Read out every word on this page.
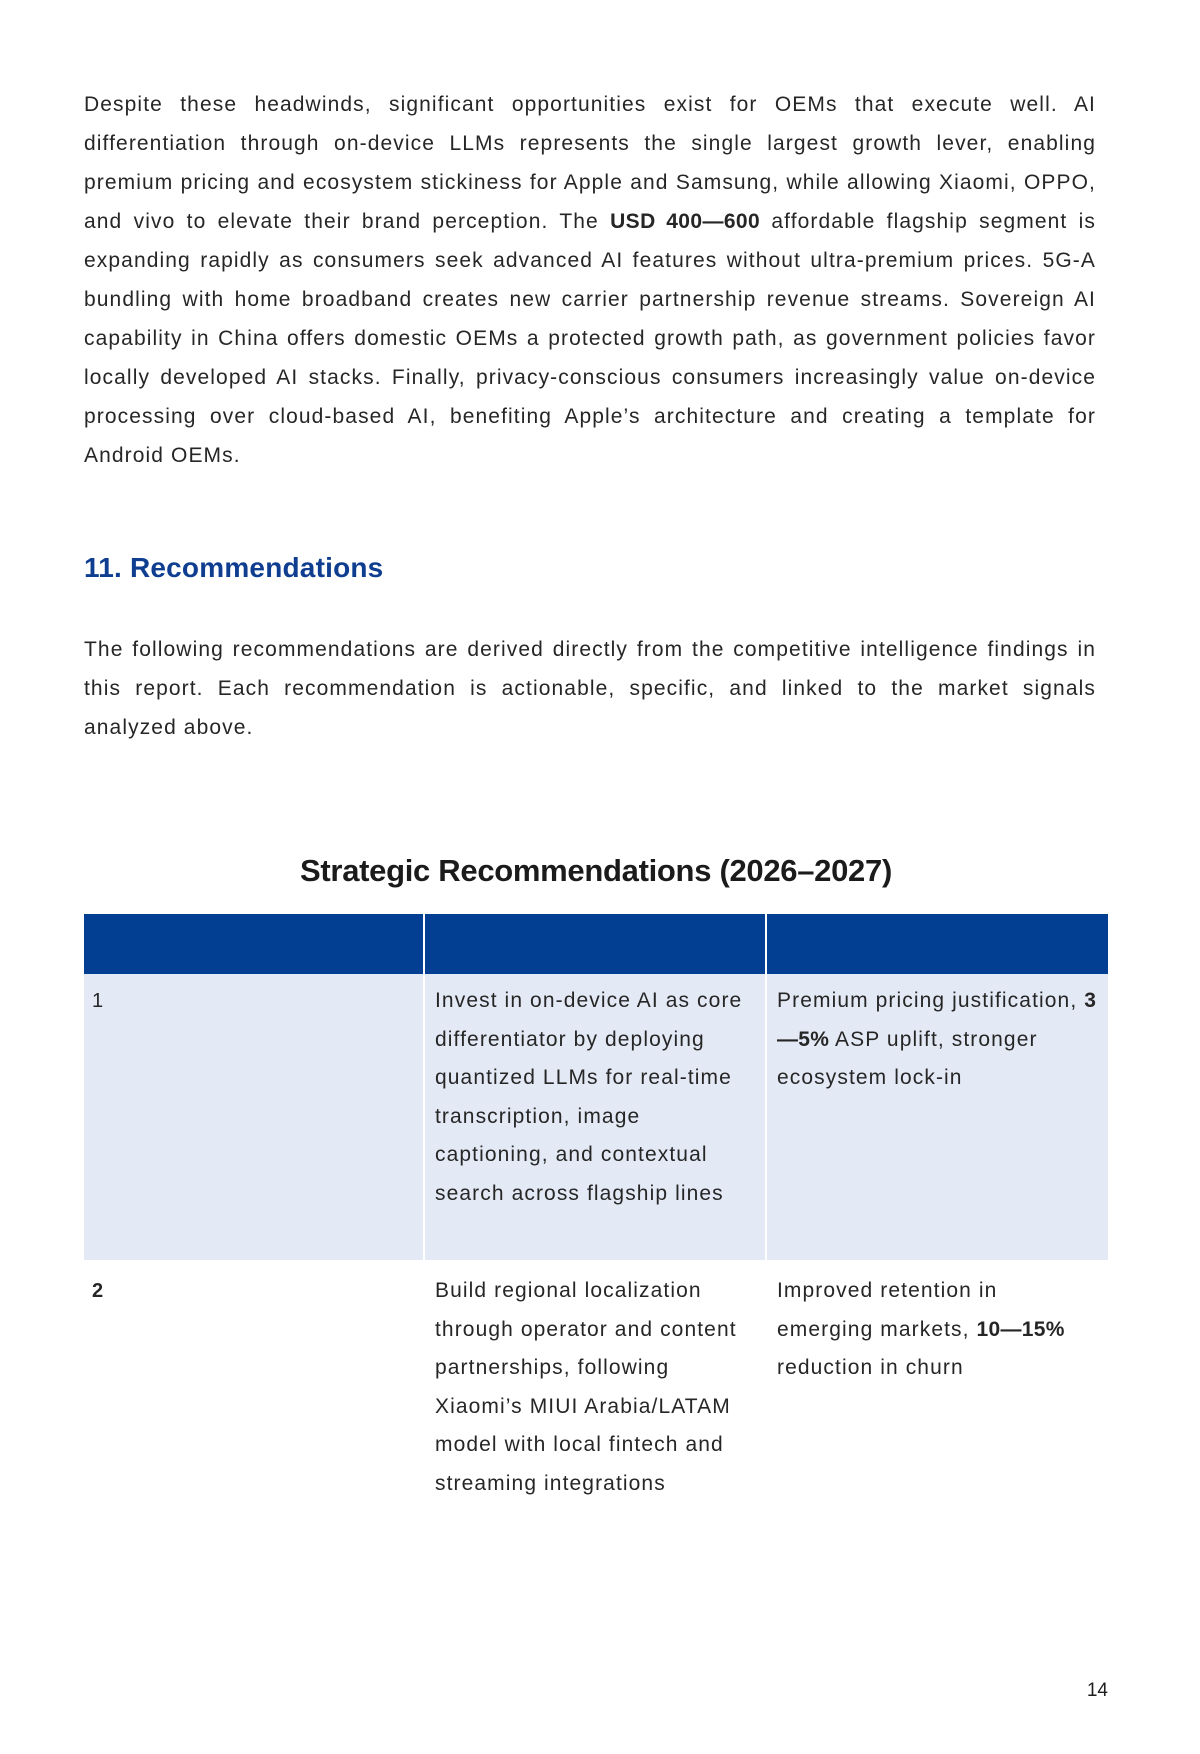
Despite these headwinds, significant opportunities exist for OEMs that execute well. AI differentiation through on-device LLMs represents the single largest growth lever, enabling premium pricing and ecosystem stickiness for Apple and Samsung, while allowing Xiaomi, OPPO, and vivo to elevate their brand perception. The USD 400—600 affordable flagship segment is expanding rapidly as consumers seek advanced AI features without ultra-premium prices. 5G-A bundling with home broadband creates new carrier partnership revenue streams. Sovereign AI capability in China offers domestic OEMs a protected growth path, as government policies favor locally developed AI stacks. Finally, privacy-conscious consumers increasingly value on-device processing over cloud-based AI, benefiting Apple’s architecture and creating a template for Android OEMs.

11. Recommendations

The following recommendations are derived directly from the competitive intelligence findings in this report. Each recommendation is actionable, specific, and linked to the market signals analyzed above.

Strategic Recommendations (2026–2027)

1	Invest in on-device AI as core differentiator by deploying quantized LLMs for real-time transcription, image captioning, and contextual search across flagship lines	Premium pricing justification, 3—5% ASP uplift, stronger ecosystem lock-in
2	Build regional localization through operator and content partnerships, following Xiaomi’s MIUI Arabia/LATAM model with local fintech and streaming integrations	Improved retention in emerging markets, 10—15% reduction in churn

14
